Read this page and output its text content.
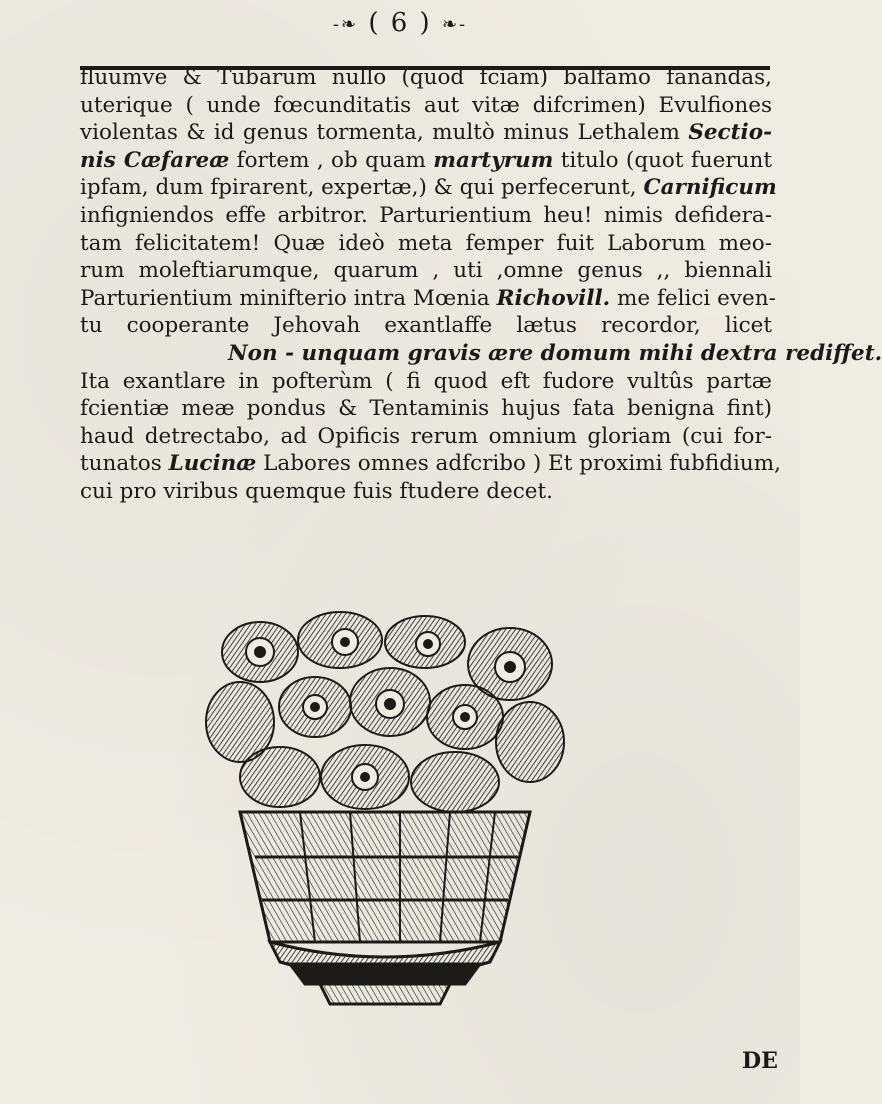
-❧ ( 6 ) ❧-
fluumve & Tubarum nullo (quod fciam) balfamo fanandas,
uterique ( unde fœcunditatis aut vitæ difcrimen) Evulfiones
violentas & id genus tormenta, multò minus Lethalem Sectio-
nis Cæfareæ fortem , ob quam martyrum titulo (quot fuerunt
ipfam, dum fpirarent, expertæ,) & qui perfecerunt, Carnificum
infigniendos effe arbitror. Parturientium heu! nimis defidera-
tam felicitatem! Quæ ideò meta femper fuit Laborum meo-
rum moleftiarumque, quarum , uti ,omne genus ,, biennali
Parturientium minifterio intra Mœnia Richovill. me felici even-
tu cooperante Jehovah exantlaffe lætus recordor, licet
Non - unquam gravis ære domum mihi dextra rediffet.
Ita exantlare in pofterùm ( fi quod eft fudore vultûs partæ
fcientiæ meæ pondus & Tentaminis hujus fata benigna fint)
haud detrectabo, ad Opificis rerum omnium gloriam (cui for-
tunatos Lucinæ Labores omnes adfcribo ) Et proximi fubfidium,
cui pro viribus quemque fuis ftudere decet.
DE
